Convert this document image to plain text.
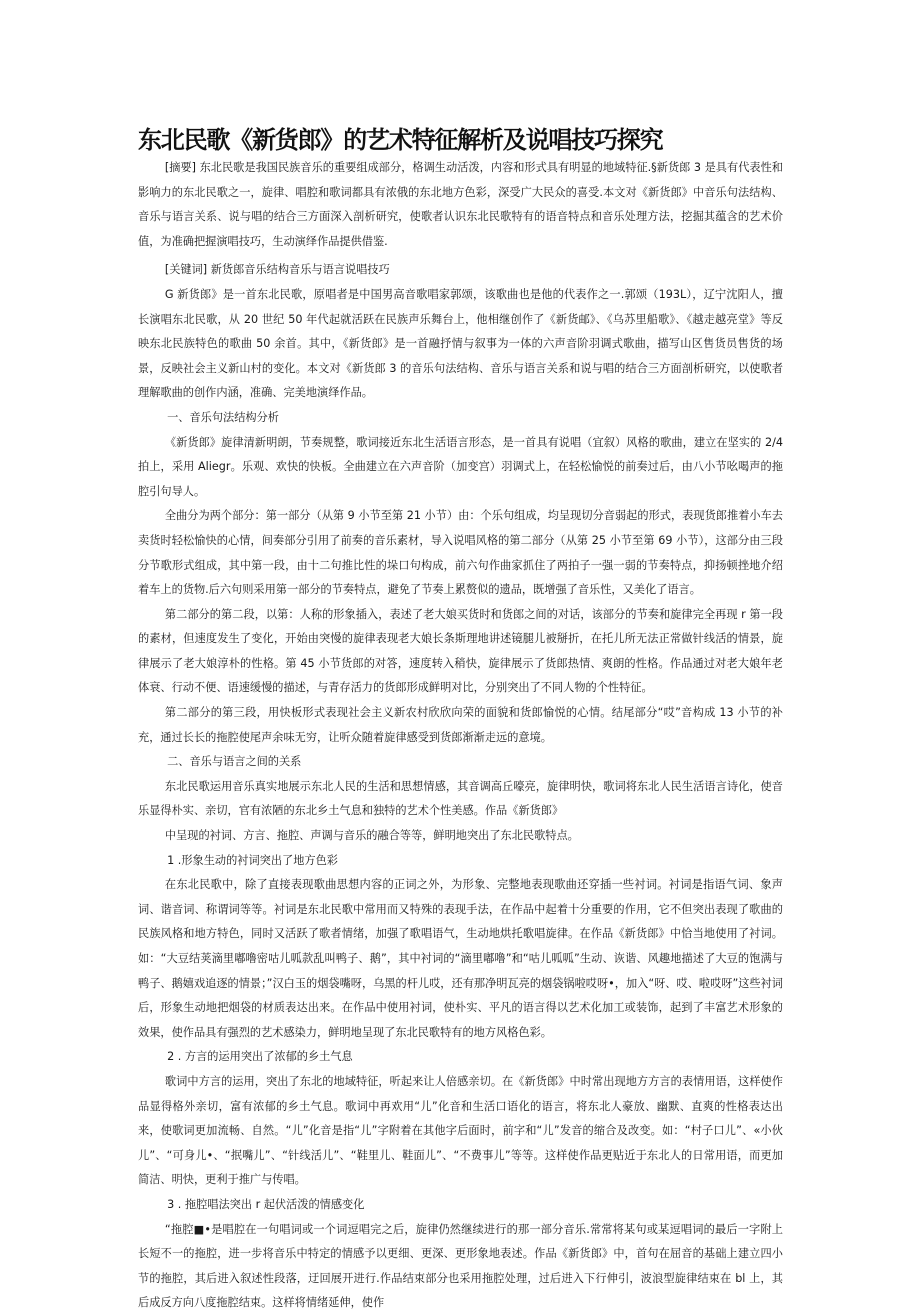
东北民歌《新货郎》的艺术特征解析及说唱技巧探究

[摘要] 东北民歌是我国民族音乐的重要组成部分，格调生动活泼，内容和形式具有明显的地域特征.§新货郎 3 是具有代表性和影响力的东北民歌之一，旋律、唱腔和歌词都具有浓俄的东北地方色彩，深受广大民众的喜受.本文对《新货郎》中音乐句法结构、音乐与语言关系、说与唱的结合三方面深入剖析研究，使歌者认识东北民歌特有的语音特点和音乐处理方法，挖掘其蕴含的艺术价值，为准确把握演唱技巧，生动演绎作品提供借鉴.

[关键词] 新货郎音乐结构音乐与语言说唱技巧

G 新货郎》是一首东北民歌，原唱者是中国男高音歌唱家郭颂，该歌曲也是他的代表作之一.郭颂（193L），辽宁沈阳人，擅长演唱东北民歌，从 20 世纪 50 年代起就活跃在民族声乐舞台上，他相继创作了《新货邮》、《乌苏里船歌》、《越走越亮堂》等反映东北民族特色的歌曲 50 余首。其中，《新货郎》是一首融抒情与叙事为一体的六声音阶羽调式歌曲，描写山区售货员售货的场景，反映社会主义新山村的变化。本文对《新货郎 3 的音乐句法结构、音乐与语言关系和说与唱的结合三方面剖析研究，以使歌者理解歌曲的创作内涵，准确、完美地演绎作品。

一、音乐句法结构分析

《新货郎》旋律清新明朗，节奏规整，歌词接近东北生活语言形态，是一首具有说唱（宜叙）风格的歌曲，建立在坚实的 2/4 拍上，采用 Aliegr。乐观、欢快的快板。全曲建立在六声音阶（加变宫）羽调式上，在轻松愉悦的前奏过后，由八小节吆喝声的拖腔引句导人。

全曲分为两个部分：第一部分（从第 9 小节至第 21 小节）由：个乐句组成，均呈现切分音弱起的形式，表现货郎推着小车去卖货时轻松愉快的心情，间奏部分引用了前奏的音乐素材，导入说唱风格的第二部分（从第 25 小节至第 69 小节），这部分由三段分节歌形式组成，其中第一段，由十二句推比性的垛口句构成，前六句作曲家抓住了两拍子一强一弱的节奏特点，抑扬顿挫地介绍着车上的货物.后六句则采用第一部分的节奏特点，避免了节奏上累赘似的遗品，既增强了音乐性，又美化了语言。

第二部分的第二段，以第：人称的形象插入，表述了老大娘买货时和货郎之间的对话，该部分的节奏和旋律完全再现 r 第一段的素材，但速度发生了变化，开始由突慢的旋律表现老大娘长条斯理地讲述镜腿儿被掰折，在托儿所无法正常做针线活的情景，旋律展示了老大娘淳朴的性格。第 45 小节货郎的对答，速度转入稍快，旋律展示了货郎热情、爽朗的性格。作品通过对老大娘年老体衰、行动不便、语速缓慢的描述，与青存活力的货郎形成鲜明对比，分别突出了不同人物的个性特征。

第二部分的第三段，用快板形式表现社会主义新农村欣欣向荣的面貌和货郎愉悦的心情。结尾部分“哎”音构成 13 小节的补充，通过长长的拖腔使尾声余味无穷，让听众随着旋律感受到货郎渐渐走远的意境。

二、音乐与语言之间的关系

东北民歌运用音乐真实地展示东北人民的生活和思想情感，其音调高丘嚎亮，旋律明快，歌词将东北人民生活语言诗化，使音乐显得朴实、亲切，官有浓陋的东北乡土气息和独特的艺术个性美感。作品《新货郎》

中呈现的衬词、方言、拖腔、声调与音乐的融合等等，鲜明地突出了东北民歌特点。

1 .形象生动的衬词突出了地方色彩

在东北民歌中，除了直接表现歌曲思想内容的正词之外，为形象、完整地表现歌曲还穿插一些衬词。衬词是指语气词、象声词、谐音词、称谓词等等。衬词是东北民歌中常用而又特殊的表现手法，在作品中起着十分重要的作用，它不但突出表现了歌曲的民族风格和地方特色，同时又活跃了歌者情绪，加强了歌唱语气，生动地烘托歌唱旋律。在作品《新货郎》中恰当地使用了衬词。如：“大豆结荚滴里嘟噜密咕儿呱款乱叫鸭子、鹅”，其中衬词的“滴里嘟噜”和“咕儿呱呱”生动、诙谐、风趣地描述了大豆的饱满与鸭子、鹅嬉戏追逐的情景；”汉白玉的烟袋嘴呀，乌黑的杆儿哎，还有那净明瓦亮的烟袋锅啦哎呀•，加入“呀、哎、啦哎呀”这些衬词后，形象生动地把烟袋的材质表达出来。在作品中使用衬词，使朴实、平凡的语言得以艺术化加工或装饰，起到了丰富艺术形象的效果，使作品具有强烈的艺术感染力，鲜明地呈现了东北民歌特有的地方风格色彩。

2 . 方言的运用突出了浓郁的乡土气息

歌词中方言的运用，突出了东北的地域特征，听起来让人倍感亲切。在《新货郎》中时常出现地方方言的表情用语，这样使作品显得格外亲切，富有浓郁的乡土气息。歌词中再欢用“儿”化音和生活口语化的语言，将东北人豪放、幽默、直爽的性格表达出来，使歌词更加流畅、自然。“儿”化音是指“儿”字附着在其他字后面时，前字和“儿”发音的缩合及改变。如：“村子口儿”、«小伙儿”、“可身儿•、“抿嘴儿”、“针线活儿”、“鞋里儿、鞋面儿”、“不费事儿”等等。这样使作品更贴近于东北人的日常用语，而更加简洁、明快，更利于推广与传唱。

3 . 拖腔唱法突出 r 起伏活泼的情感变化

“拖腔■•是唱腔在一句唱词或一个词逗唱完之后，旋律仍然继续进行的那一部分音乐.常常将某句或某逗唱词的最后一字附上长短不一的拖腔，进一步将音乐中特定的情感予以更细、更深、更形象地表述。作品《新货郎》中，首句在屈音的基础上建立四小节的拖腔，其后进入叙述性段落，迂回展开进行.作品结束部分也采用拖腔处理，过后进入下行伸引，波浪型旋律结束在 bl 上，其后成反方向八度拖腔结束。这样将情绪延伸，使作
